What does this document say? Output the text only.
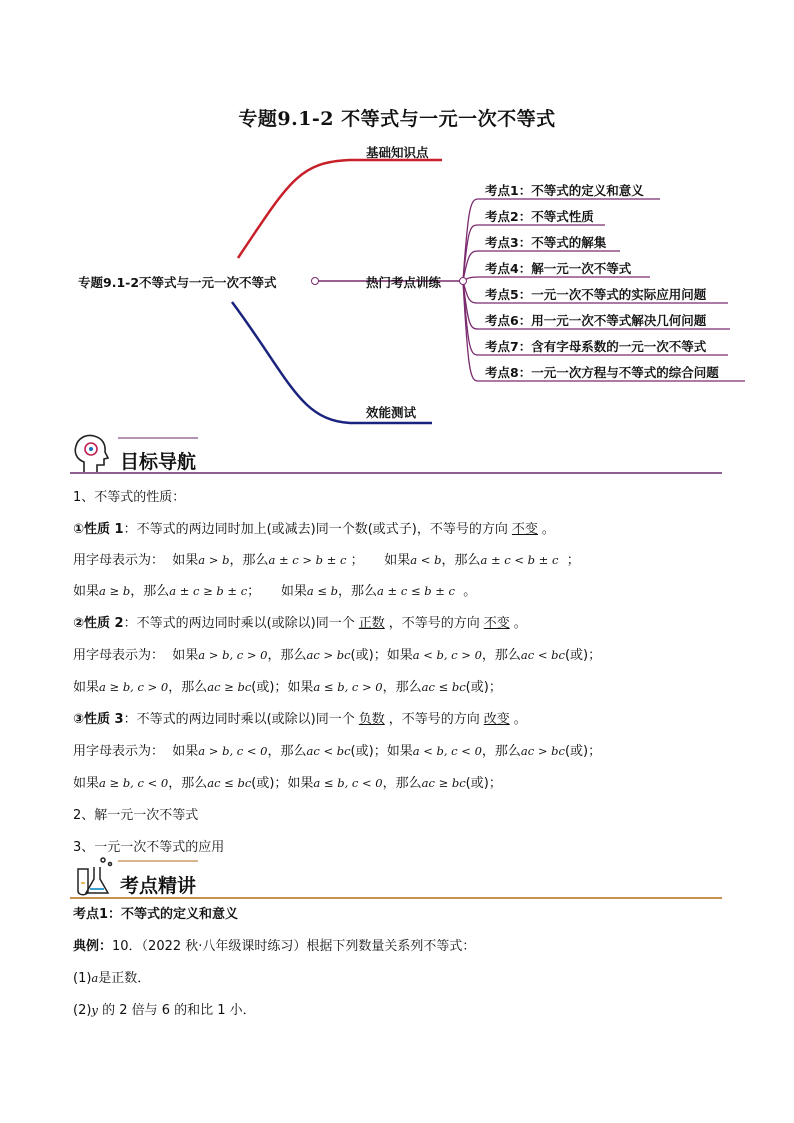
专题9.1-2 不等式与一元一次不等式
专题9.1-2不等式与一元一次不等式
基础知识点
热门考点训练
效能测试
考点1：不等式的定义和意义
考点2：不等式性质
考点3：不等式的解集
考点4：解一元一次不等式
考点5：一元一次不等式的实际应用问题
考点6：用一元一次不等式解决几何问题
考点7：含有字母系数的一元一次不等式
考点8：一元一次方程与不等式的综合问题
目标导航
1、不等式的性质：
①性质 1：不等式的两边同时加上(或减去)同一个数(或式子)，不等号的方向 不变 。
用字母表示为： 如果a > b，那么a ± c > b ± c ； 如果a < b，那么a ± c < b ± c ；
如果a ≥ b，那么a ± c ≥ b ± c； 如果a ≤ b，那么a ± c ≤ b ± c 。
②性质 2：不等式的两边同时乘以(或除以)同一个 正数 ，不等号的方向 不变 。
用字母表示为： 如果a > b, c > 0，那么ac > bc(或)；如果a < b, c > 0，那么ac < bc(或)；
如果a ≥ b, c > 0，那么ac ≥ bc(或)；如果a ≤ b, c > 0，那么ac ≤ bc(或)；
③性质 3：不等式的两边同时乘以(或除以)同一个 负数 ，不等号的方向 改变 。
用字母表示为： 如果a > b, c < 0，那么ac < bc(或)；如果a < b, c < 0，那么ac > bc(或)；
如果a ≥ b, c < 0，那么ac ≤ bc(或)；如果a ≤ b, c < 0，那么ac ≥ bc(或)；
2、解一元一次不等式
3、一元一次不等式的应用
考点精讲
考点1：不等式的定义和意义
典例：10．（2022 秋·八年级课时练习）根据下列数量关系列不等式：
(1)a是正数．
(2)y 的 2 倍与 6 的和比 1 小．
